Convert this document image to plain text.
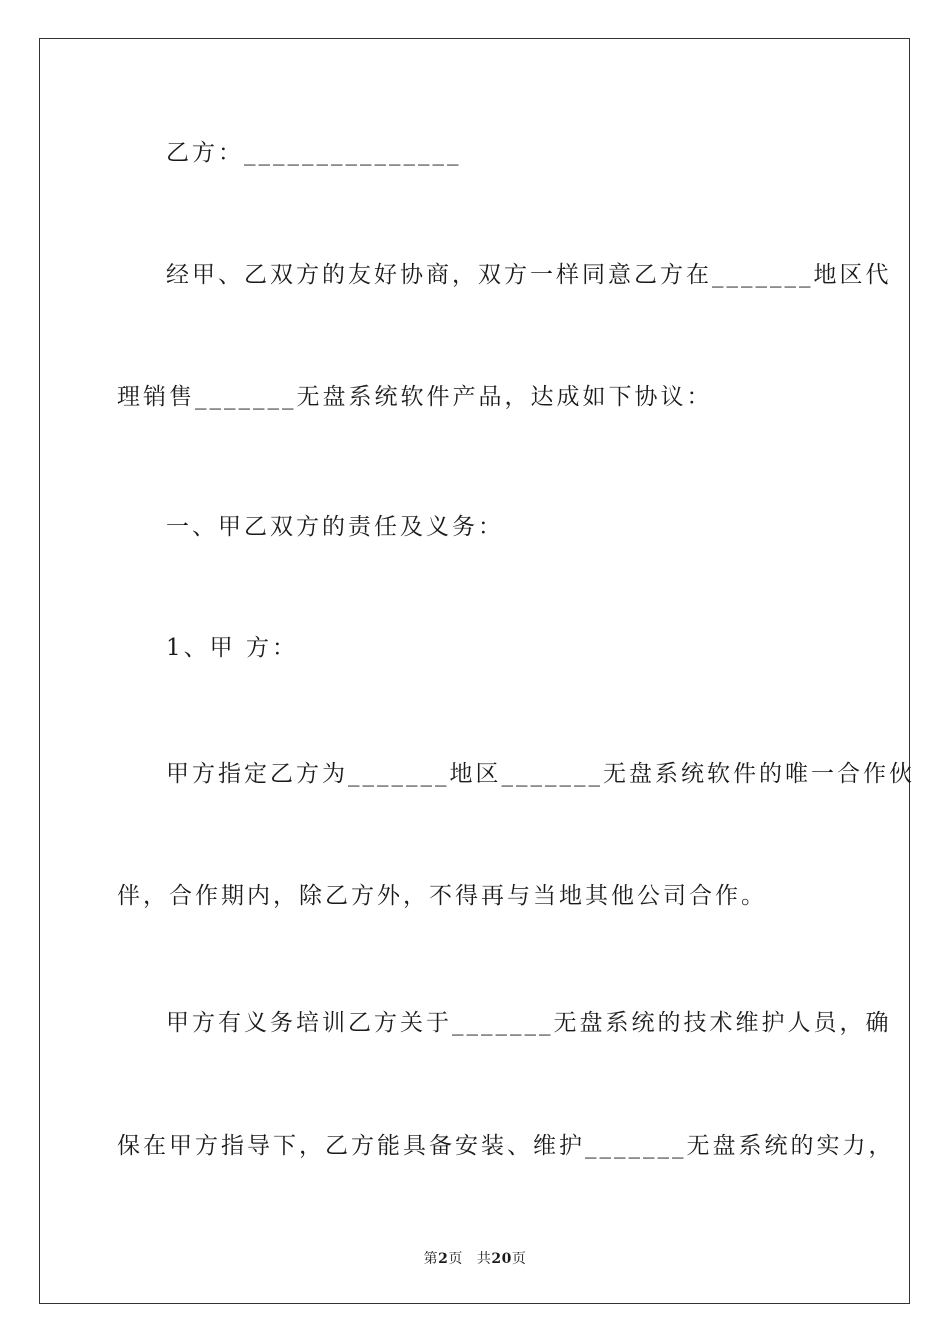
乙方：_______________
经甲、乙双方的友好协商，双方一样同意乙方在_______地区代
理销售_______无盘系统软件产品，达成如下协议：
一、甲乙双方的责任及义务：
1、甲 方：
甲方指定乙方为_______地区_______无盘系统软件的唯一合作伙
伴，合作期内，除乙方外，不得再与当地其他公司合作。
甲方有义务培训乙方关于_______无盘系统的技术维护人员，确
保在甲方指导下，乙方能具备安装、维护_______无盘系统的实力，
第2页 共20页
